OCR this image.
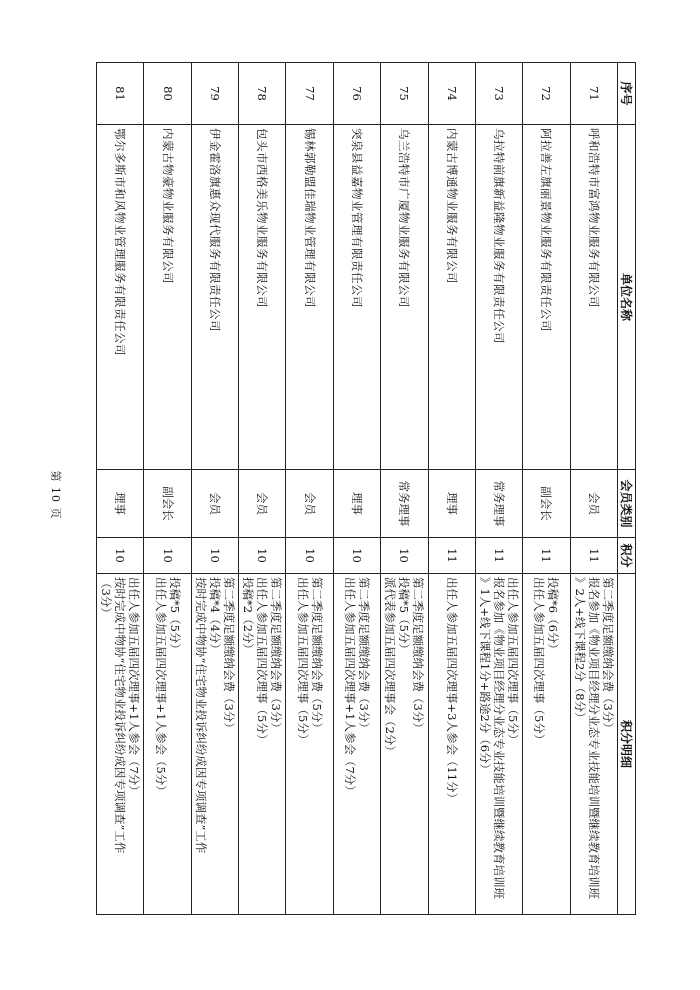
序号	单位名称	会员类别	积分	积分明细
71	呼和浩特市富鸿物业服务有限公司	会员	11	第二季度足额缴纳会费（3分）
报名参加《物业项目经理分业态专业技能培训暨继续教育培训班
》2人+线下课程2分（8分）

72	阿拉善左旗丽景物业服务有限责任公司	副会长	11	投稿*6（6分）
出任人参加五届四次理事（5分）

73	乌拉特前旗新益隆物业服务有限责任公司	常务理事	11	出任人参加五届四次理事（5分）
报名参加《物业项目经理分业态专业技能培训暨继续教育培训班
》1人+线下课程1分+路途2分（6分）

74	内蒙古博通物业服务有限公司	理事	11	出任人参加五届四次理事+3人参会（11分）

75	乌兰浩特市广厦物业服务有限公司	常务理事	10	第二季度足额缴纳会费（3分）
投稿*5（5分）
派代表参加五届四次理事会（2分）

76	突泉县益嘉物业管理有限责任公司	理事	10	第二季度足额缴纳会费（3分）
出任人参加五届四次理事+1人参会（7分）

77	锡林郭勒盟佳瑞物业管理有限公司	会员	10	第二季度足额缴纳会费（5分）
出任人参加五届四次理事（5分）

78	包头市西格美乐物业服务有限公司	会员	10	第二季度足额缴纳会费（3分）
出任人参加五届四次理事（5分）
投稿*2（2分）

79	伊金霍洛旗惠众现代服务有限责任公司	会员	10	第二季度足额缴纳会费（3分）
投稿*4（4分）
按时完成中物协“住宅物业投诉纠纷成因专项调查”工作

80	内蒙古物豪物业服务有限公司	副会长	10	投稿*5（5分）
出任人参加五届四次理事+1人参会（5分）

81	鄂尔多斯市和风物业管理服务有限责任公司	理事	10	出任人参加五届四次理事+1人参会（7分）
按时完成中物协“住宅物业投诉纠纷成因专项调查”工作
（3分）
第 10 页
